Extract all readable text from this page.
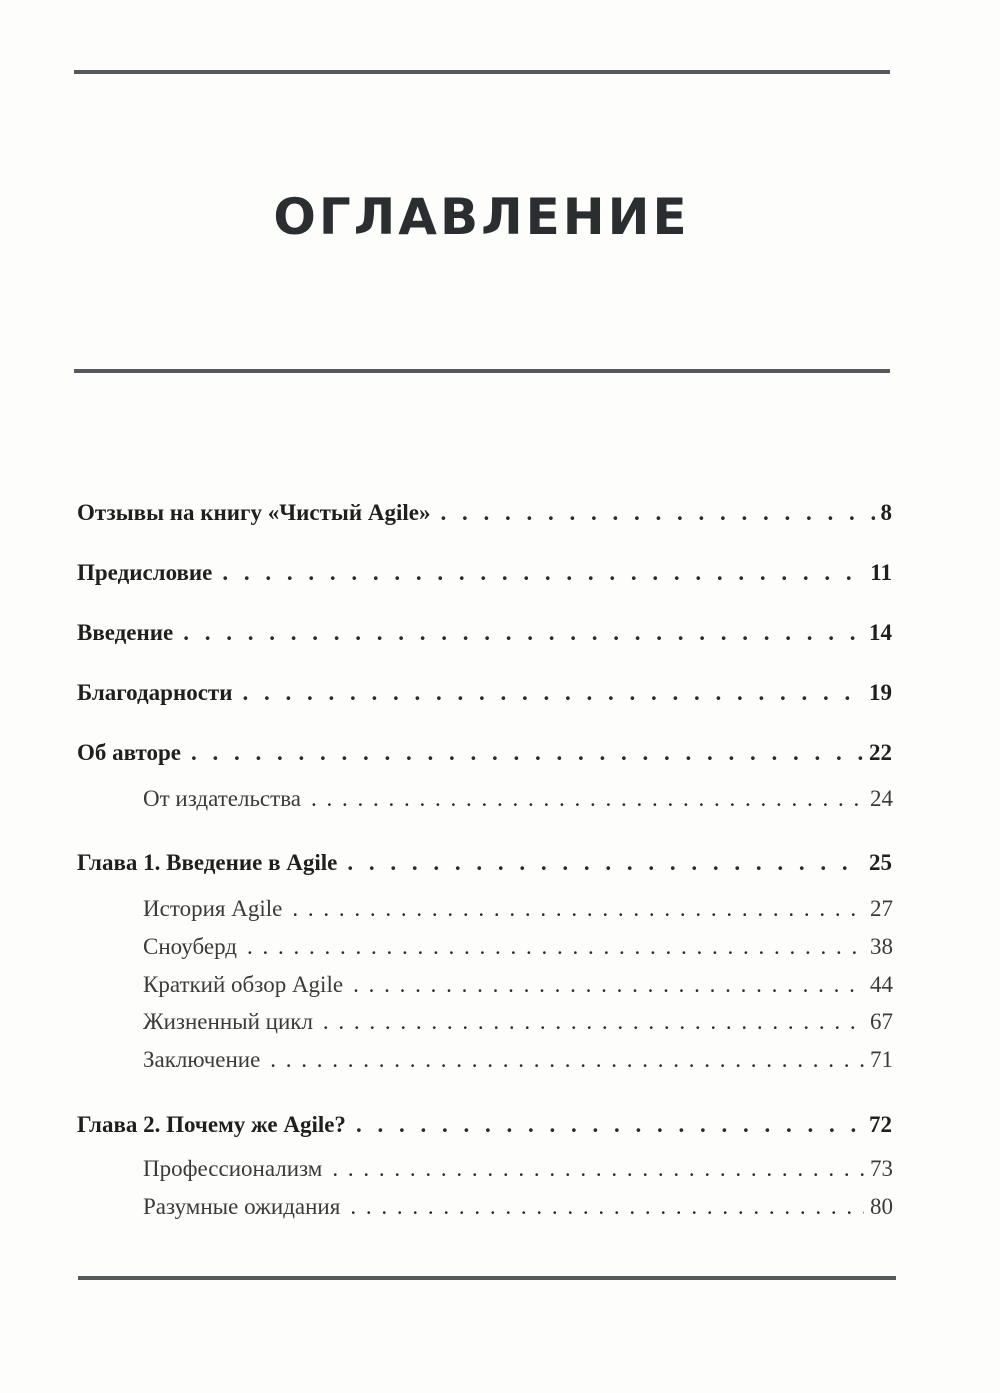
ОГЛАВЛЕНИЕ
Отзывы на книгу «Чистый Agile» . . .	8
Предисловие . . .	11
Введение . . .	14
Благодарности . . .	19
Об авторе . . .	22
От издательства . . .	24
Глава 1. Введение в Agile . . .	25
История Agile . . .	27
Сноуберд . . .	38
Краткий обзор Agile . . .	44
Жизненный цикл . . .	67
Заключение . . .	71
Глава 2. Почему же Agile? . . .	72
Профессионализм . . .	73
Разумные ожидания . . .	80
